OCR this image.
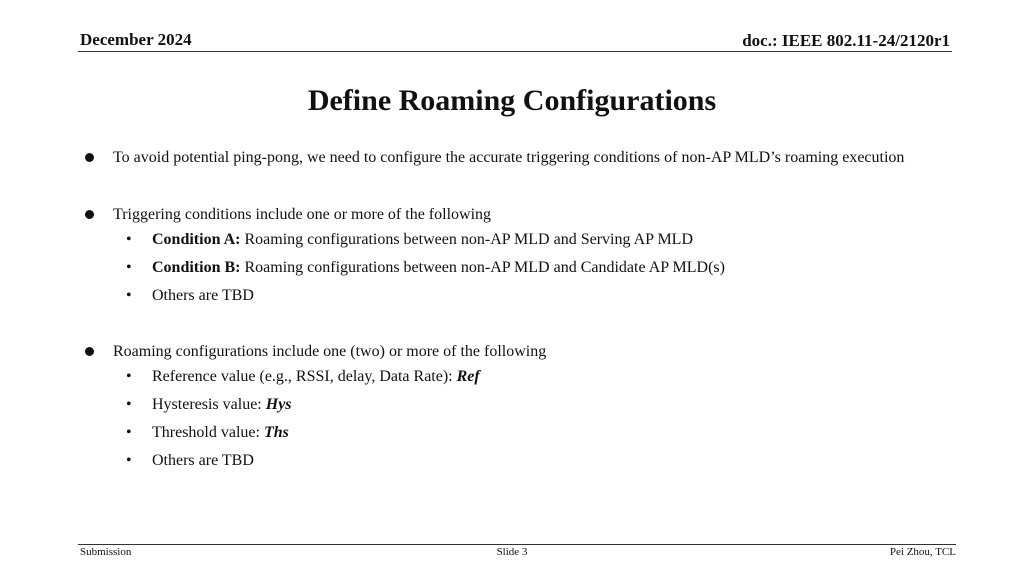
December 2024	doc.: IEEE 802.11-24/2120r1
Define Roaming Configurations
To avoid potential ping-pong, we need to configure the accurate triggering conditions of non-AP MLD’s roaming execution
Triggering conditions include one or more of the following
• Condition A: Roaming configurations between non-AP MLD and Serving AP MLD
• Condition B: Roaming configurations between non-AP MLD and Candidate AP MLD(s)
• Others are TBD
Roaming configurations include one (two) or more of the following
• Reference value (e.g., RSSI, delay, Data Rate): Ref
• Hysteresis value: Hys
• Threshold value: Ths
• Others are TBD
Submission	Slide 3	Pei Zhou, TCL
